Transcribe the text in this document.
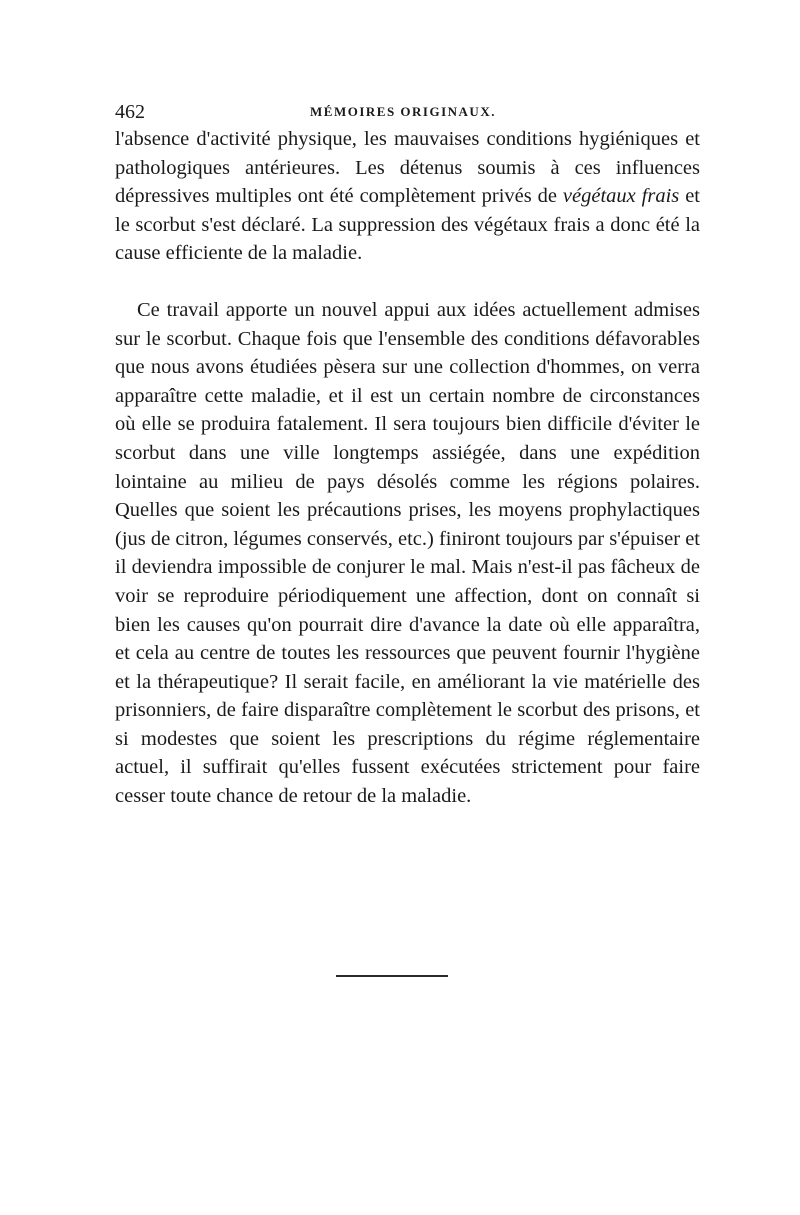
462	MÉMOIRES ORIGINAUX.

l'absence d'activité physique, les mauvaises conditions hygiéniques et pathologiques antérieures. Les détenus soumis à ces influences dépressives multiples ont été complètement privés de végétaux frais et le scorbut s'est déclaré. La suppression des végétaux frais a donc été la cause efficiente de la maladie.

Ce travail apporte un nouvel appui aux idées actuellement admises sur le scorbut. Chaque fois que l'ensemble des conditions défavorables que nous avons étudiées pèsera sur une collection d'hommes, on verra apparaître cette maladie, et il est un certain nombre de circonstances où elle se produira fatalement. Il sera toujours bien difficile d'éviter le scorbut dans une ville longtemps assiégée, dans une expédition lointaine au milieu de pays désolés comme les régions polaires. Quelles que soient les précautions prises, les moyens prophylactiques (jus de citron, légumes conservés, etc.) finiront toujours par s'épuiser et il deviendra impossible de conjurer le mal. Mais n'est-il pas fâcheux de voir se reproduire périodiquement une affection, dont on connaît si bien les causes qu'on pourrait dire d'avance la date où elle apparaîtra, et cela au centre de toutes les ressources que peuvent fournir l'hygiène et la thérapeutique? Il serait facile, en améliorant la vie matérielle des prisonniers, de faire disparaître complètement le scorbut des prisons, et si modestes que soient les prescriptions du régime réglementaire actuel, il suffirait qu'elles fussent exécutées strictement pour faire cesser toute chance de retour de la maladie.
